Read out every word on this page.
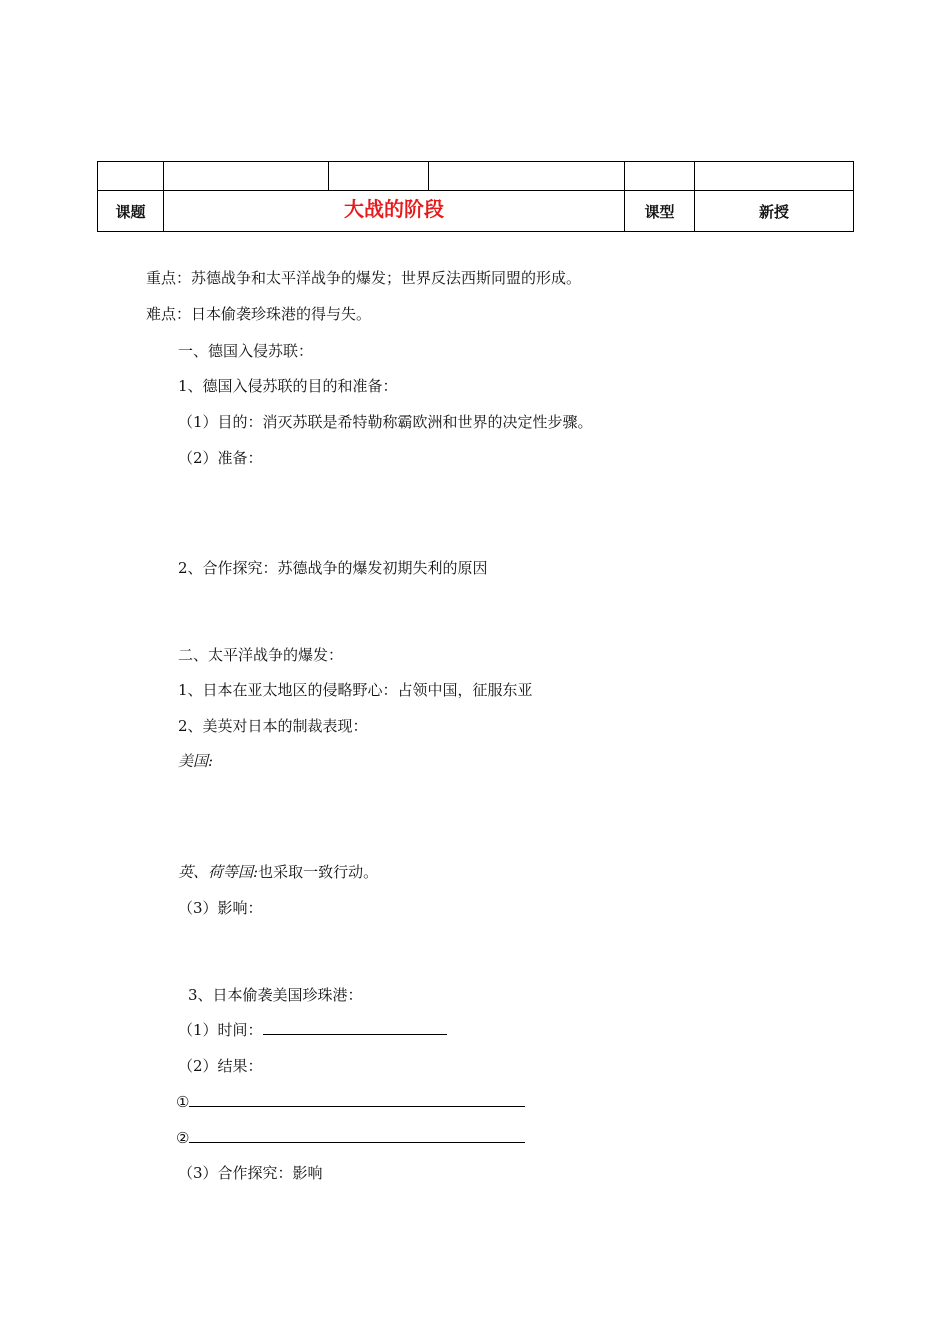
课题	大战的阶段			课型	新授
重点：苏德战争和太平洋战争的爆发；世界反法西斯同盟的形成。
难点：日本偷袭珍珠港的得与失。
一、德国入侵苏联：
1、德国入侵苏联的目的和准备：
（1）目的：消灭苏联是希特勒称霸欧洲和世界的决定性步骤。
（2）准备：
2、合作探究：苏德战争的爆发初期失利的原因
二、太平洋战争的爆发：
1、日本在亚太地区的侵略野心：占领中国，征服东亚
2、美英对日本的制裁表现：
美国:
英、荷等国:也采取一致行动。
（3）影响：
3、日本偷袭美国珍珠港：
（1）时间：
（2）结果：
①
②
（3）合作探究：影响
